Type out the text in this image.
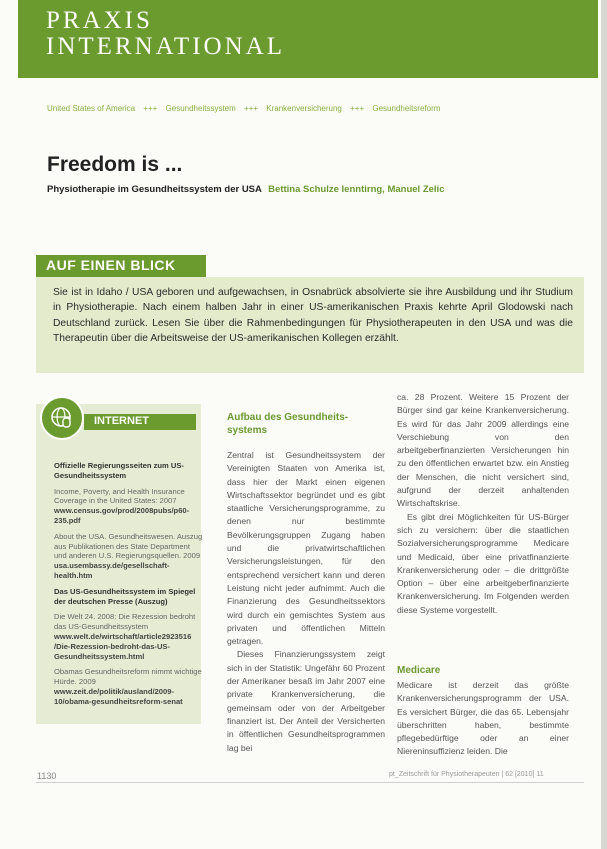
PRAXIS
INTERNATIONAL
United States of America +++ Gesundheitssystem +++ Krankenversicherung +++ Gesundheitsreform
Freedom is ...
Physiotherapie im Gesundheitssystem der USA Bettina Schulze Ienntirng, Manuel Zelic
AUF EINEN BLICK
Sie ist in Idaho / USA geboren und aufgewachsen, in Osnabrück absolvierte sie ihre Ausbildung und ihr Studium in Physiotherapie. Nach einem halben Jahr in einer US-amerikanischen Praxis kehrte April Glodowski nach Deutschland zurück. Lesen Sie über die Rahmenbedingungen für Physiotherapeuten in den USA und was die Therapeutin über die Arbeitsweise der US-amerikanischen Kollegen erzählt.
INTERNET
Offizielle Regierungsseiten zum US-Gesundheitssystem
Income, Poverty, and Health Insurance Coverage in the United States: 2007
www.census.gov/prod/2008pubs/p60-235.pdf
About the USA. Gesundheitswesen. Auszug aus Publikationen des State Department und anderen U.S. Regierungsquellen. 2009
usa.usembassy.de/gesellschaft-health.htm
Das US-Gesundheitssystem im Spiegel der deutschen Presse (Auszug)
Die Welt 24. 2008: Die Rezession bedroht das US-Gesundheitssystem
www.welt.de/wirtschaft/article2923516 /Die-Rezession-bedroht-das-US-Gesundheitssystem.html
Obamas Gesundheitsreform nimmt wichtige Hürde. 2009
www.zeit.de/politik/ausland/2009-10/obama-gesundheitsreform-senat
Aufbau des Gesundheits-
systems

Zentral ist Gesundheitssystem der Vereinigten Staaten von Amerika ist, dass hier der Markt einen eigenen Wirtschaftssektor begründet und es gibt staatliche Versicherungsprogramme, zu denen nur bestimmte Bevölkerungsgruppen Zugang haben und die privatwirtschaftlichen Versicherungsleistungen, für den entsprechend versichert kann und deren Leistung nicht jeder aufnimmt. Auch die Finanzierung des Gesundheitssektors wird durch ein gemischtes System aus privaten und öffentlichen Mitteln getragen.

Dieses Finanzierungssystem zeigt sich in der Statistik: Ungefähr 60 Prozent der Amerikaner besaß im Jahr 2007 eine private Krankenversicherung, die gemeinsam oder von der Arbeitgeber finanziert ist. Der Anteil der Versicherten in öffentlichen Gesundheitsprogrammen lag bei

ca. 28 Prozent. Weitere 15 Prozent der Bürger sind gar keine Krankenversicherung. Es wird für das Jahr 2009 allerdings eine Verschiebung von den arbeitgeberfinanzierten Versicherungen hin zu den öffentlichen erwartet bzw. ein Anstieg der Menschen, die nicht versichert sind, aufgrund der derzeit anhaltenden Wirtschaftskrise.

Es gibt drei Möglichkeiten für US-Bürger sich zu versichern: über die staatlichen Sozialversicherungsprogramme Medicare und Medicaid, über eine privatfinanzierte Krankenversicherung oder – die drittgrößte Option – über eine arbeitgeberfinanzierte Krankenversicherung. Im Folgenden werden diese Systeme vorgestellt.

Medicare

Medicare ist derzeit das größte Krankenversicherungsprogramm der USA. Es versichert Bürger, die das 65. Lebensjahr überschritten haben, bestimmte pflegebedürftige oder an einer Niereninsuffizienz leiden. Die

1130	pt_Zeitschrift für Physiotherapeuten | 62 [2010] 11
